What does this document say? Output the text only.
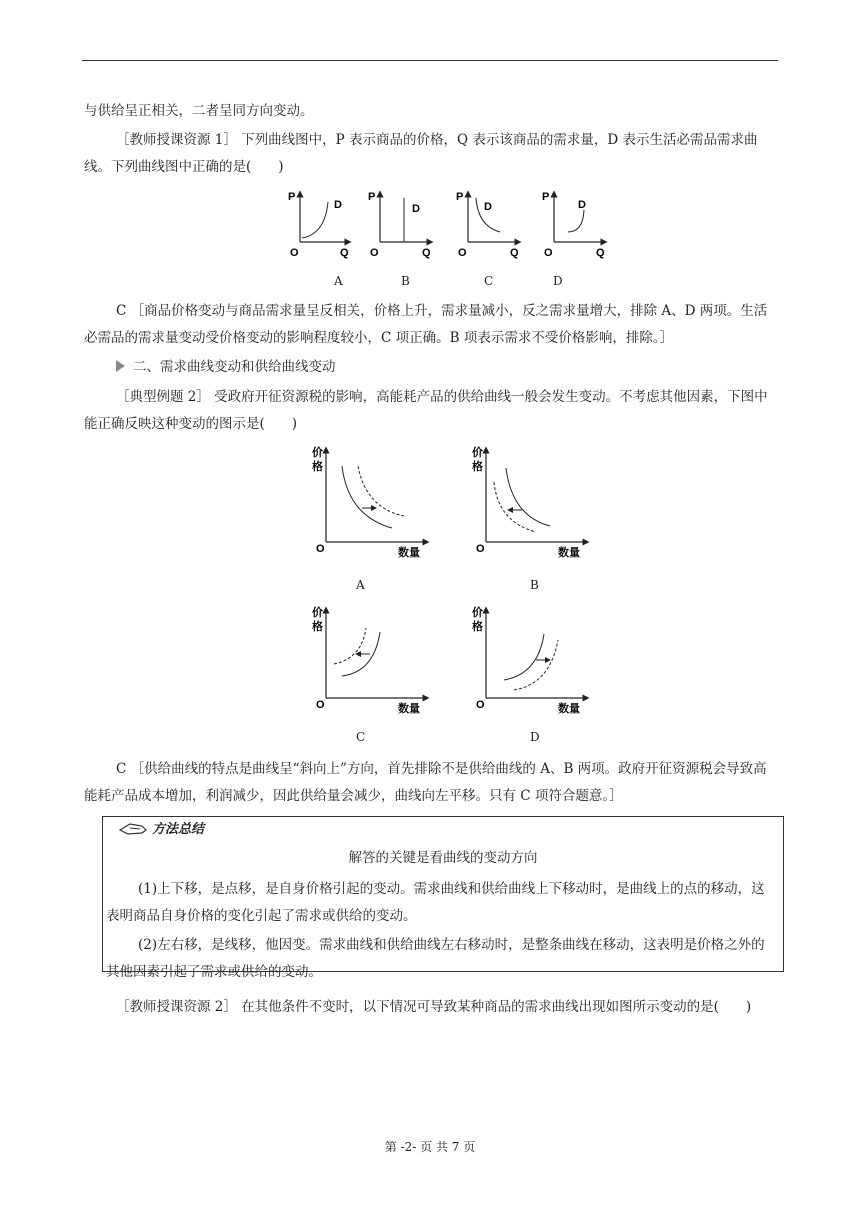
与供给呈正相关，二者呈同方向变动。

［教师授课资源 1］ 下列曲线图中，P 表示商品的价格，Q 表示该商品的需求量，D 表示生活必需品需求曲线。下列曲线图中正确的是(　　)

P
O	Q
D
P
O	Q
D
P
O	Q
D
P
O	Q
D
A	B	C	D

C ［商品价格变动与商品需求量呈反相关，价格上升，需求量减小，反之需求量增大，排除 A、D 两项。生活必需品的需求量变动受价格变动的影响程度较小，C 项正确。B 项表示需求不受价格影响，排除。］

二、需求曲线变动和供给曲线变动

［典型例题 2］ 受政府开征资源税的影响，高能耗产品的供给曲线一般会发生变动。不考虑其他因素，下图中能正确反映这种变动的图示是(　　)

价
格
O	数量
价
格
O	数量
价
格
O	数量
价
格
O	数量
A	B
C	D

C ［供给曲线的特点是曲线呈“斜向上”方向，首先排除不是供给曲线的 A、B 两项。政府开征资源税会导致高能耗产品成本增加，利润减少，因此供给量会减少，曲线向左平移。只有 C 项符合题意。］

方法总结
解答的关键是看曲线的变动方向

(1)上下移，是点移，是自身价格引起的变动。需求曲线和供给曲线上下移动时，是曲线上的点的移动，这表明商品自身价格的变化引起了需求或供给的变动。

(2)左右移，是线移，他因变。需求曲线和供给曲线左右移动时，是整条曲线在移动，这表明是价格之外的其他因素引起了需求或供给的变动。

［教师授课资源 2］ 在其他条件不变时，以下情况可导致某种商品的需求曲线出现如图所示变动的是(　　)

第 -2- 页 共 7 页
